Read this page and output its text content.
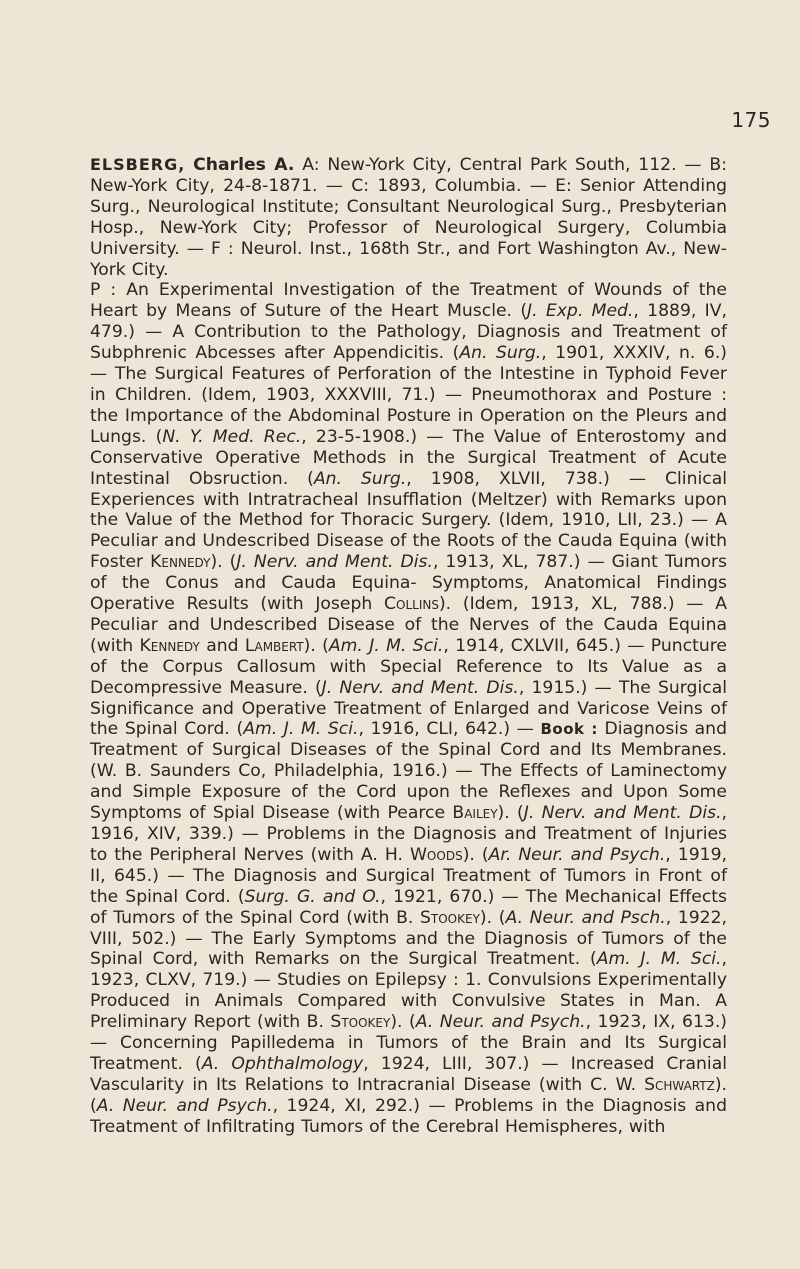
175

ELSBERG, Charles A. A: New-York City, Central Park South, 112. — B: New-York City, 24-8-1871. — C: 1893, Columbia. — E: Senior Attending Surg., Neurological Institute; Consultant Neurological Surg., Presbyterian Hosp., New-York City; Professor of Neurological Surgery, Columbia University. — F : Neurol. Inst., 168th Str., and Fort Washington Av., New-York City.

P : An Experimental Investigation of the Treatment of Wounds of the Heart by Means of Suture of the Heart Muscle. (J. Exp. Med., 1889, IV, 479.) — A Contribution to the Pathology, Diagnosis and Treatment of Subphrenic Abcesses after Appendicitis. (An. Surg., 1901, XXXIV, n. 6.) — The Surgical Features of Perforation of the Intestine in Typhoid Fever in Children. (Idem, 1903, XXXVIII, 71.) — Pneumothorax and Posture : the Importance of the Abdominal Posture in Operation on the Pleurs and Lungs. (N. Y. Med. Rec., 23-5-1908.) — The Value of Enterostomy and Conservative Operative Methods in the Surgical Treatment of Acute Intestinal Obsruction. (An. Surg., 1908, XLVII, 738.) — Clinical Experiences with Intratracheal Insufflation (Meltzer) with Remarks upon the Value of the Method for Thoracic Surgery. (Idem, 1910, LII, 23.) — A Peculiar and Undescribed Disease of the Roots of the Cauda Equina (with Foster Kennedy). (J. Nerv. and Ment. Dis., 1913, XL, 787.) — Giant Tumors of the Conus and Cauda Equina- Symptoms, Anatomical Findings Operative Results (with Joseph Collins). (Idem, 1913, XL, 788.) — A Peculiar and Undescribed Disease of the Nerves of the Cauda Equina (with Kennedy and Lambert). (Am. J. M. Sci., 1914, CXLVII, 645.) — Puncture of the Corpus Callosum with Special Reference to Its Value as a Decompressive Measure. (J. Nerv. and Ment. Dis., 1915.) — The Surgical Significance and Operative Treatment of Enlarged and Varicose Veins of the Spinal Cord. (Am. J. M. Sci., 1916, CLI, 642.) — Book : Diagnosis and Treatment of Surgical Diseases of the Spinal Cord and Its Membranes. (W. B. Saunders Co, Philadelphia, 1916.) — The Effects of Laminectomy and Simple Exposure of the Cord upon the Reflexes and Upon Some Symptoms of Spial Disease (with Pearce Bailey). (J. Nerv. and Ment. Dis., 1916, XIV, 339.) — Problems in the Diagnosis and Treatment of Injuries to the Peripheral Nerves (with A. H. Woods). (Ar. Neur. and Psych., 1919, II, 645.) — The Diagnosis and Surgical Treatment of Tumors in Front of the Spinal Cord. (Surg. G. and O., 1921, 670.) — The Mechanical Effects of Tumors of the Spinal Cord (with B. Stookey). (A. Neur. and Psch., 1922, VIII, 502.) — The Early Symptoms and the Diagnosis of Tumors of the Spinal Cord, with Remarks on the Surgical Treatment. (Am. J. M. Sci., 1923, CLXV, 719.) — Studies on Epilepsy : 1. Convulsions Experimentally Produced in Animals Compared with Convulsive States in Man. A Preliminary Report (with B. Stookey). (A. Neur. and Psych., 1923, IX, 613.) — Concerning Papilledema in Tumors of the Brain and Its Surgical Treatment. (A. Ophthalmology, 1924, LIII, 307.) — Increased Cranial Vascularity in Its Relations to Intracranial Disease (with C. W. Schwartz). (A. Neur. and Psych., 1924, XI, 292.) — Problems in the Diagnosis and Treatment of Infiltrating Tumors of the Cerebral Hemispheres, with
